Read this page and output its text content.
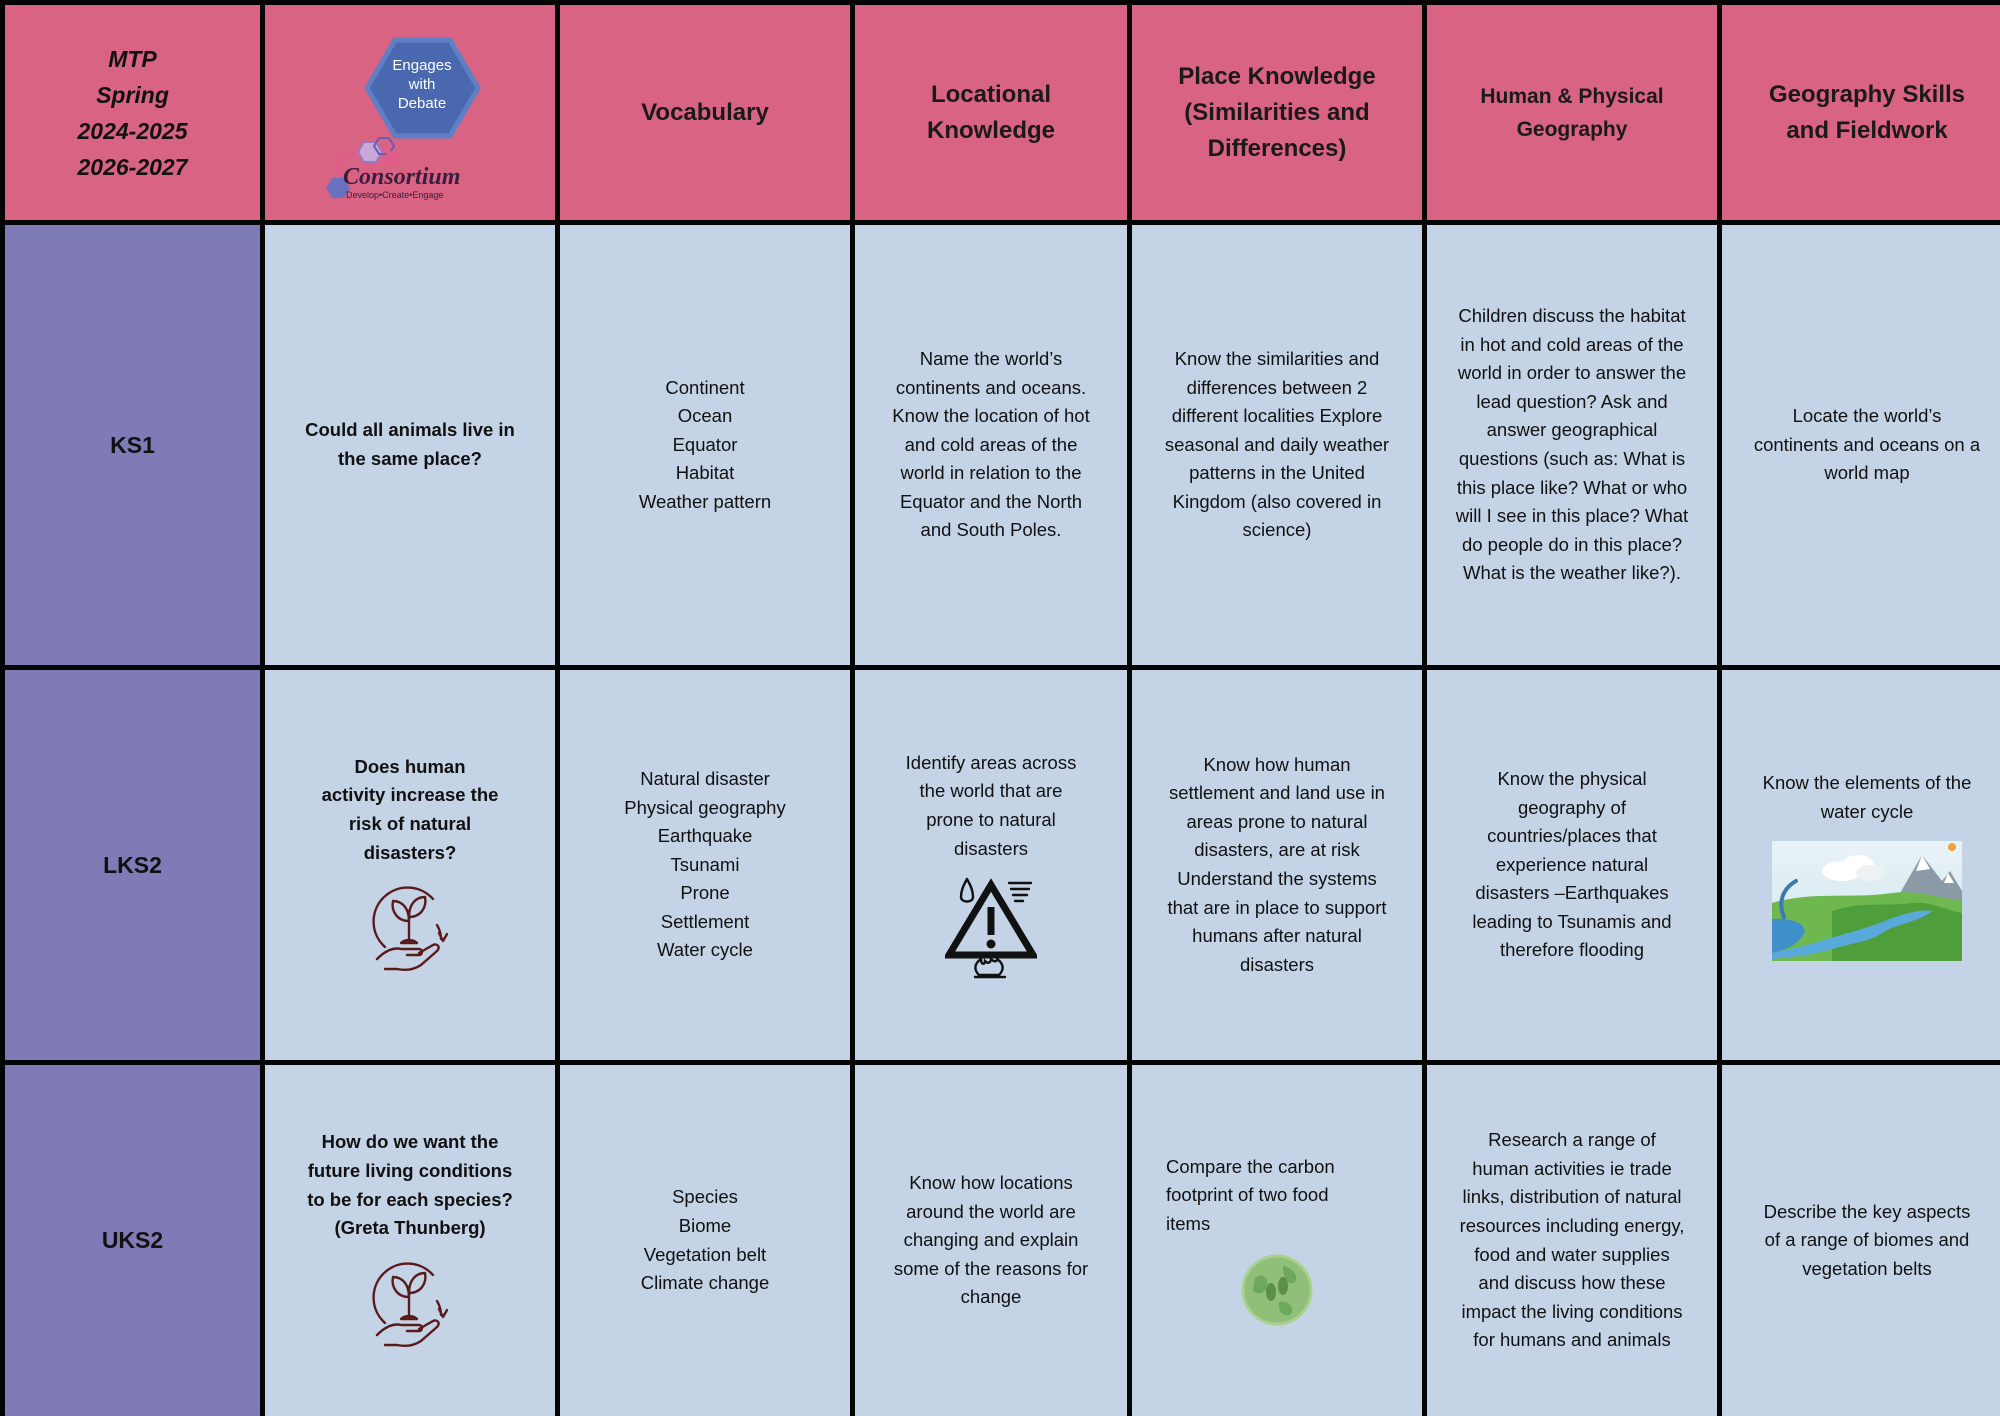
MTP
Spring
2024-2025
2026-2027
Engages
with
Debate
Consortium
Develop•Create•Engage
Vocabulary
Locational Knowledge
Place Knowledge (Similarities and Differences)
Human & Physical Geography
Geography Skills and Fieldwork
KS1
Could all animals live in the same place?
Continent
Ocean
Equator
Habitat
Weather pattern
Name the world’s continents and oceans. Know the location of hot and cold areas of the world in relation to the Equator and the North and South Poles.
Know the similarities and differences between 2 different localities Explore seasonal and daily weather patterns in the United Kingdom (also covered in science)
Children discuss the habitat in hot and cold areas of the world in order to answer the lead question? Ask and answer geographical questions (such as: What is this place like? What or who will I see in this place? What do people do in this place? What is the weather like?).
Locate the world’s continents and oceans on a world map
LKS2
Does human activity increase the risk of natural disasters?
Natural disaster
Physical geography
Earthquake
Tsunami
Prone
Settlement
Water cycle
Identify areas across the world that are prone to natural disasters
Know how human settlement and land use in areas prone to natural disasters, are at risk Understand the systems that are in place to support humans after natural disasters
Know the physical geography of countries/places that experience natural disasters –Earthquakes leading to Tsunamis and therefore flooding
Know the elements of the water cycle
UKS2
How do we want the future living conditions to be for each species? (Greta Thunberg)
Species
Biome
Vegetation belt
Climate change
Know how locations around the world are changing and explain some of the reasons for change
Compare the carbon footprint of two food items
Research a range of human activities ie trade links, distribution of natural resources including energy, food and water supplies and discuss how these impact the living conditions for humans and animals
Describe the key aspects of a range of biomes and vegetation belts
